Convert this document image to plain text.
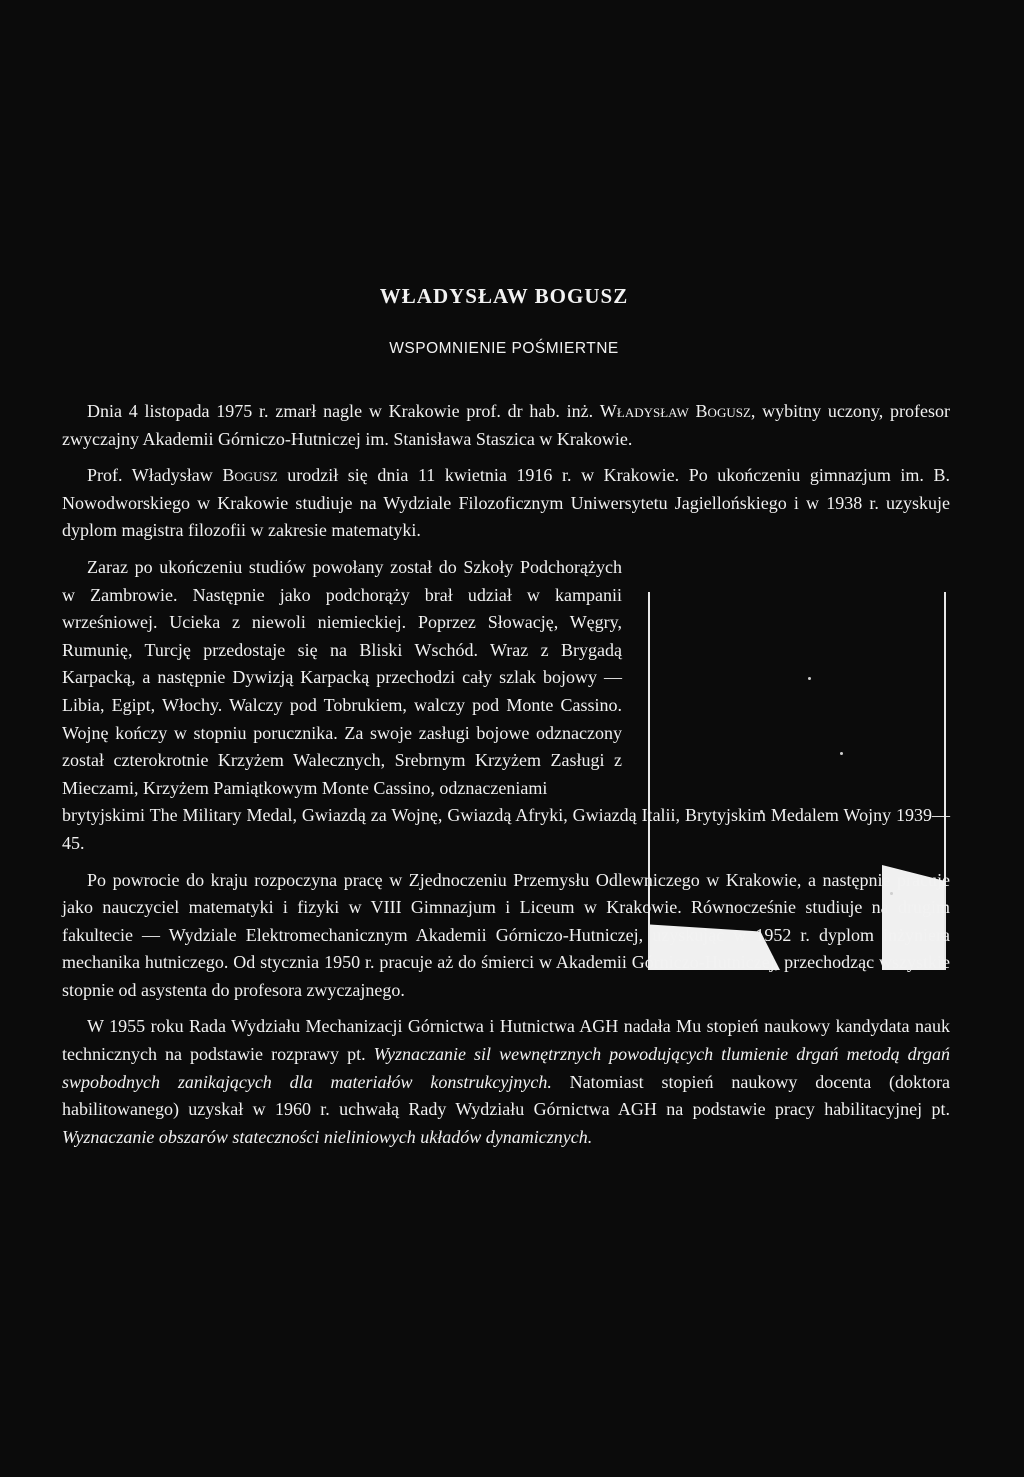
WŁADYSŁAW BOGUSZ
WSPOMNIENIE POŚMIERTNE

Dnia 4 listopada 1975 r. zmarł nagle w Krakowie prof. dr hab. inż. Władysław Bogusz, wybitny uczony, profesor zwyczajny Akademii Górniczo-Hutniczej im. Stanisława Staszica w Krakowie.

Prof. Władysław Bogusz urodził się dnia 11 kwietnia 1916 r. w Krakowie. Po ukończeniu gimnazjum im. B. Nowodworskiego w Krakowie studiuje na Wydziale Filozoficznym Uniwersytetu Jagiellońskiego i w 1938 r. uzyskuje dyplom magistra filozofii w zakresie matematyki.

Zaraz po ukończeniu studiów powołany został do Szkoły Podchorążych w Zambrowie. Następnie jako podchorąży brał udział w kampanii wrześniowej. Ucieka z niewoli niemieckiej. Poprzez Słowację, Węgry, Rumunię, Turcję przedostaje się na Bliski Wschód. Wraz z Brygadą Karpacką, a następnie Dywizją Karpacką przechodzi cały szlak bojowy — Libia, Egipt, Włochy. Walczy pod Tobrukiem, walczy pod Monte Cassino. Wojnę kończy w stopniu porucznika. Za swoje zasługi bojowe odznaczony został czterokrotnie Krzyżem Walecznych, Srebrnym Krzyżem Zasługi z Mieczami, Krzyżem Pamiątkowym Monte Cassino, odznaczeniami

brytyjskimi The Military Medal, Gwiazdą za Wojnę, Gwiazdą Afryki, Gwiazdą Italii, Brytyjskim Medalem Wojny 1939—45.

Po powrocie do kraju rozpoczyna pracę w Zjednoczeniu Przemysłu Odlewniczego w Krakowie, a następnie pracuje jako nauczyciel matematyki i fizyki w VIII Gimnazjum i Liceum w Krakowie. Równocześnie studiuje na drugim fakultecie — Wydziale Elektromechanicznym Akademii Górniczo-Hutniczej, uzyskując w 1952 r. dyplom inżyniera mechanika hutniczego. Od stycznia 1950 r. pracuje aż do śmierci w Akademii Górniczo-Hutniczej, przechodząc wszystkie stopnie od asystenta do profesora zwyczajnego.

W 1955 roku Rada Wydziału Mechanizacji Górnictwa i Hutnictwa AGH nadała Mu stopień naukowy kandydata nauk technicznych na podstawie rozprawy pt. Wyznaczanie sil wewnętrznych powodujących tlumienie drgań metodą drgań swpobodnych zanikających dla materiałów konstrukcyjnych. Natomiast stopień naukowy docenta (doktora habilitowanego) uzyskał w 1960 r. uchwałą Rady Wydziału Górnictwa AGH na podstawie pracy habilitacyjnej pt. Wyznaczanie obszarów stateczności nieliniowych układów dynamicznych.
